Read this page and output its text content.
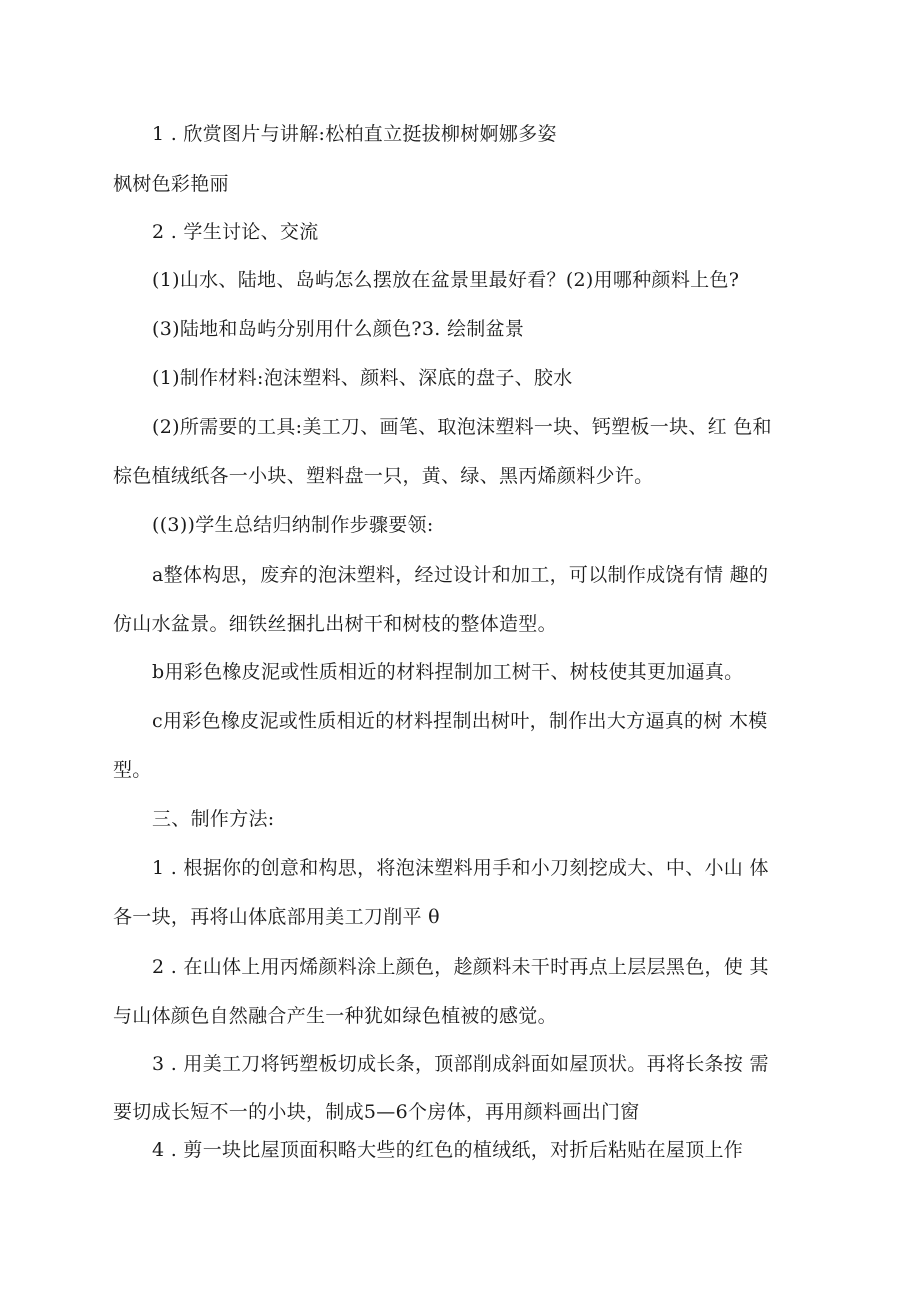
1 . 欣赏图片与讲解:松柏直立挺拔柳树婀娜多姿
枫树色彩艳丽
2 . 学生讨论、交流
(1)山水、陆地、岛屿怎么摆放在盆景里最好看？(2)用哪种颜料上色?
(3)陆地和岛屿分别用什么颜色?3. 绘制盆景
(1)制作材料:泡沫塑料、颜料、深底的盘子、胶水
(2)所需要的工具:美工刀、画笔、取泡沫塑料一块、钙塑板一块、红 色和
棕色植绒纸各一小块、塑料盘一只，黄、绿、黑丙烯颜料少许。
((3))学生总结归纳制作步骤要领:
a整体构思，废弃的泡沫塑料，经过设计和加工，可以制作成饶有情 趣的
仿山水盆景。细铁丝捆扎出树干和树枝的整体造型。
b用彩色橡皮泥或性质相近的材料捏制加工树干、树枝使其更加逼真。
c用彩色橡皮泥或性质相近的材料捏制出树叶，制作出大方逼真的树 木模
型。
三、制作方法:
1 . 根据你的创意和构思，将泡沫塑料用手和小刀刻挖成大、中、小山 体
各一块，再将山体底部用美工刀削平 θ
2 . 在山体上用丙烯颜料涂上颜色，趁颜料未干时再点上层层黑色，使 其
与山体颜色自然融合产生一种犹如绿色植被的感觉。
3 . 用美工刀将钙塑板切成长条，顶部削成斜面如屋顶状。再将长条按 需
要切成长短不一的小块，制成5—6个房体，再用颜料画出门窗
4 . 剪一块比屋顶面积略大些的红色的植绒纸，对折后粘贴在屋顶上作
